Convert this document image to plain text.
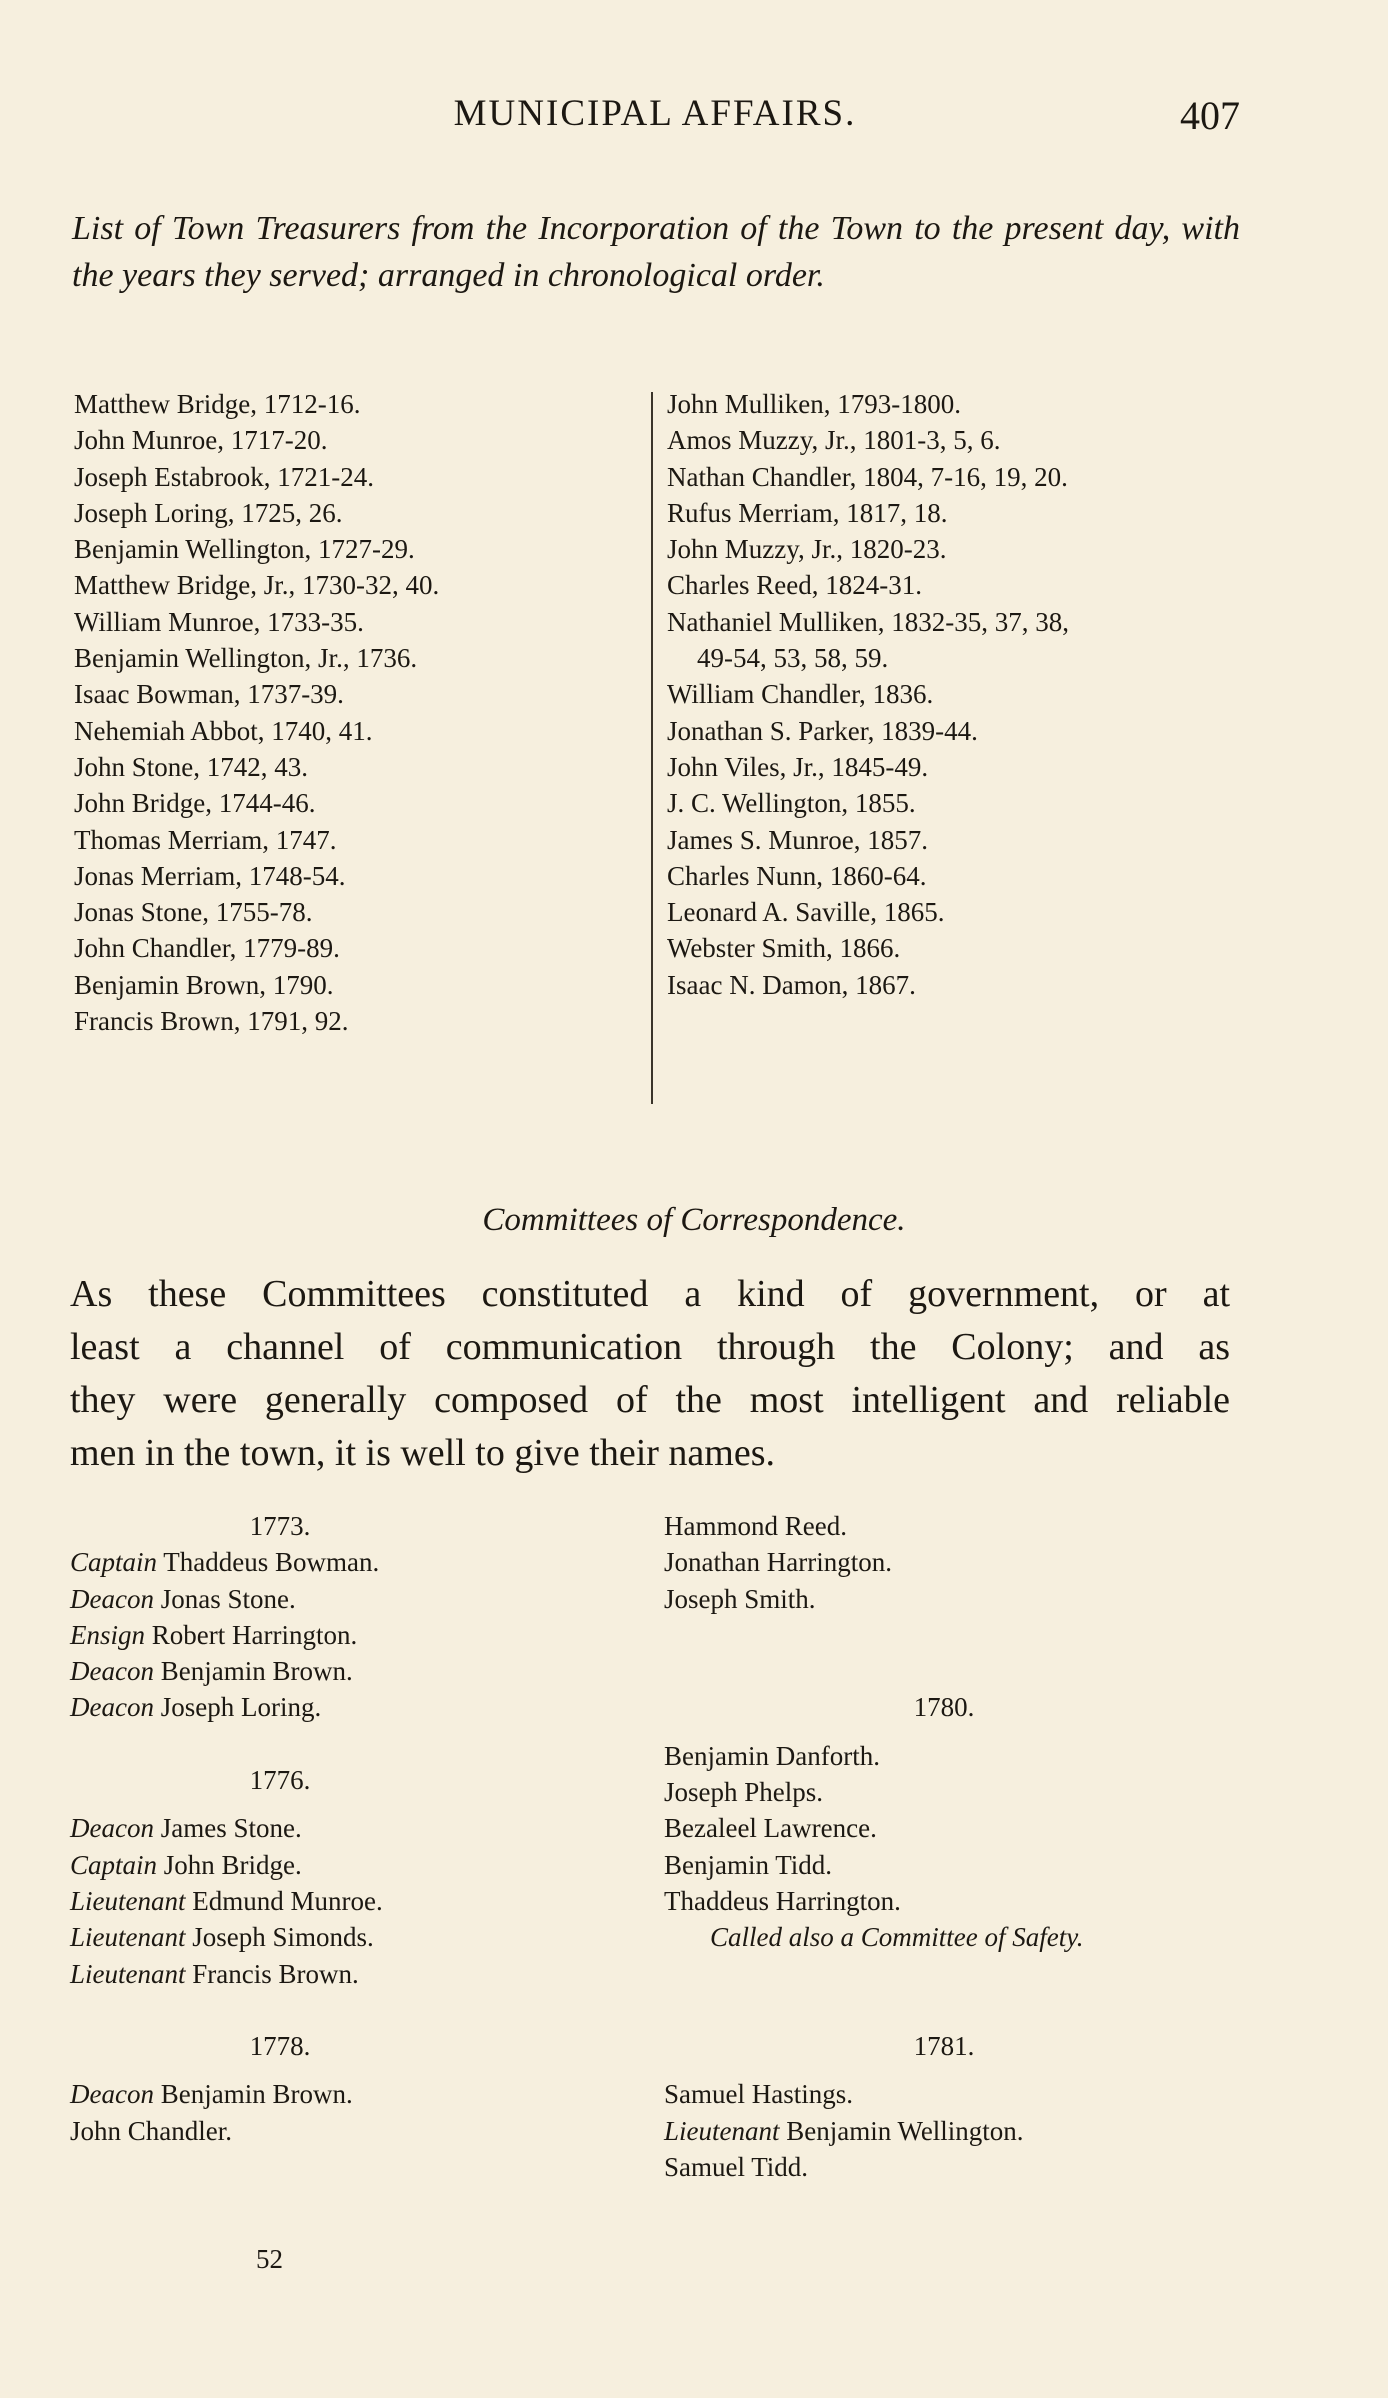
MUNICIPAL AFFAIRS.	407
List of Town Treasurers from the Incorporation of the Town to the present day, with the years they served; arranged in chronological order.
Matthew Bridge, 1712-16.
John Munroe, 1717-20.
Joseph Estabrook, 1721-24.
Joseph Loring, 1725, 26.
Benjamin Wellington, 1727-29.
Matthew Bridge, Jr., 1730-32, 40.
William Munroe, 1733-35.
Benjamin Wellington, Jr., 1736.
Isaac Bowman, 1737-39.
Nehemiah Abbot, 1740, 41.
John Stone, 1742, 43.
John Bridge, 1744-46.
Thomas Merriam, 1747.
Jonas Merriam, 1748-54.
Jonas Stone, 1755-78.
John Chandler, 1779-89.
Benjamin Brown, 1790.
Francis Brown, 1791, 92.
John Mulliken, 1793-1800.
Amos Muzzy, Jr., 1801-3, 5, 6.
Nathan Chandler, 1804, 7-16, 19, 20.
Rufus Merriam, 1817, 18.
John Muzzy, Jr., 1820-23.
Charles Reed, 1824-31.
Nathaniel Mulliken, 1832-35, 37, 38,
49-54, 53, 58, 59.
William Chandler, 1836.
Jonathan S. Parker, 1839-44.
John Viles, Jr., 1845-49.
J. C. Wellington, 1855.
James S. Munroe, 1857.
Charles Nunn, 1860-64.
Leonard A. Saville, 1865.
Webster Smith, 1866.
Isaac N. Damon, 1867.
Committees of Correspondence.
As these Committees constituted a kind of government, or at
least a channel of communication through the Colony; and as
they were generally composed of the most intelligent and reliable
men in the town, it is well to give their names.
1773.
Captain Thaddeus Bowman.
Deacon Jonas Stone.
Ensign Robert Harrington.
Deacon Benjamin Brown.
Deacon Joseph Loring.
1776.
Deacon James Stone.
Captain John Bridge.
Lieutenant Edmund Munroe.
Lieutenant Joseph Simonds.
Lieutenant Francis Brown.
1778.
Deacon Benjamin Brown.
John Chandler.
52
Hammond Reed.
Jonathan Harrington.
Joseph Smith.
1780.
Benjamin Danforth.
Joseph Phelps.
Bezaleel Lawrence.
Benjamin Tidd.
Thaddeus Harrington.
Called also a Committee of Safety.
1781.
Samuel Hastings.
Lieutenant Benjamin Wellington.
Samuel Tidd.
